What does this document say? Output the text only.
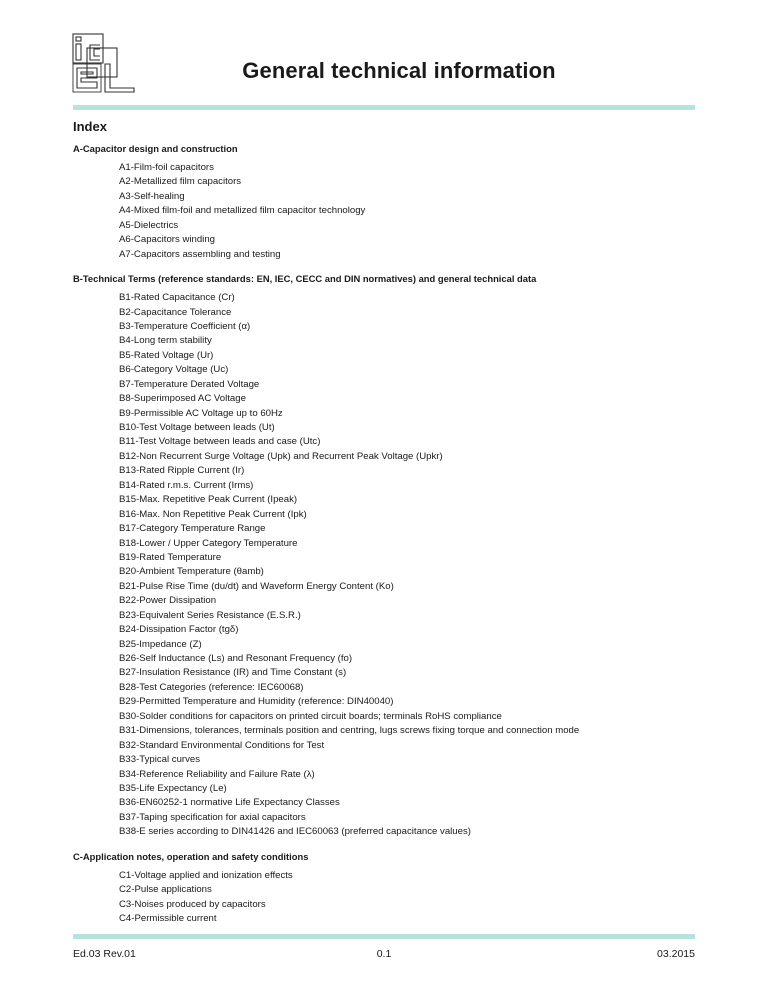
General technical information
Index
A-Capacitor design and construction
A1-Film-foil capacitors
A2-Metallized film capacitors
A3-Self-healing
A4-Mixed film-foil and metallized film capacitor technology
A5-Dielectrics
A6-Capacitors winding
A7-Capacitors assembling and testing
B-Technical Terms (reference standards: EN, IEC, CECC and DIN normatives) and general technical data
B1-Rated Capacitance (Cr)
B2-Capacitance Tolerance
B3-Temperature Coefficient (α)
B4-Long term stability
B5-Rated Voltage (Ur)
B6-Category Voltage (Uc)
B7-Temperature Derated Voltage
B8-Superimposed AC Voltage
B9-Permissible AC Voltage up to 60Hz
B10-Test Voltage between leads (Ut)
B11-Test Voltage between leads and case (Utc)
B12-Non Recurrent Surge Voltage (Upk) and Recurrent Peak Voltage (Upkr)
B13-Rated Ripple Current (Ir)
B14-Rated r.m.s. Current (Irms)
B15-Max. Repetitive Peak Current (Ipeak)
B16-Max. Non Repetitive Peak Current (Ipk)
B17-Category Temperature Range
B18-Lower / Upper Category Temperature
B19-Rated Temperature
B20-Ambient Temperature (θamb)
B21-Pulse Rise Time (du/dt) and Waveform Energy Content (Ko)
B22-Power Dissipation
B23-Equivalent Series Resistance (E.S.R.)
B24-Dissipation Factor (tgδ)
B25-Impedance (Z)
B26-Self Inductance (Ls) and Resonant Frequency (fo)
B27-Insulation Resistance (IR) and Time Constant (s)
B28-Test Categories (reference: IEC60068)
B29-Permitted Temperature and Humidity (reference: DIN40040)
B30-Solder conditions for capacitors on printed circuit boards; terminals RoHS compliance
B31-Dimensions, tolerances, terminals position and centring, lugs screws fixing torque and connection mode
B32-Standard Environmental Conditions for Test
B33-Typical curves
B34-Reference Reliability and Failure Rate (λ)
B35-Life Expectancy (Le)
B36-EN60252-1 normative Life Expectancy Classes
B37-Taping specification for axial capacitors
B38-E series according to DIN41426 and IEC60063 (preferred capacitance values)
C-Application notes, operation and safety conditions
C1-Voltage applied and ionization effects
C2-Pulse applications
C3-Noises produced by capacitors
C4-Permissible current
Ed.03 Rev.01	0.1	03.2015
